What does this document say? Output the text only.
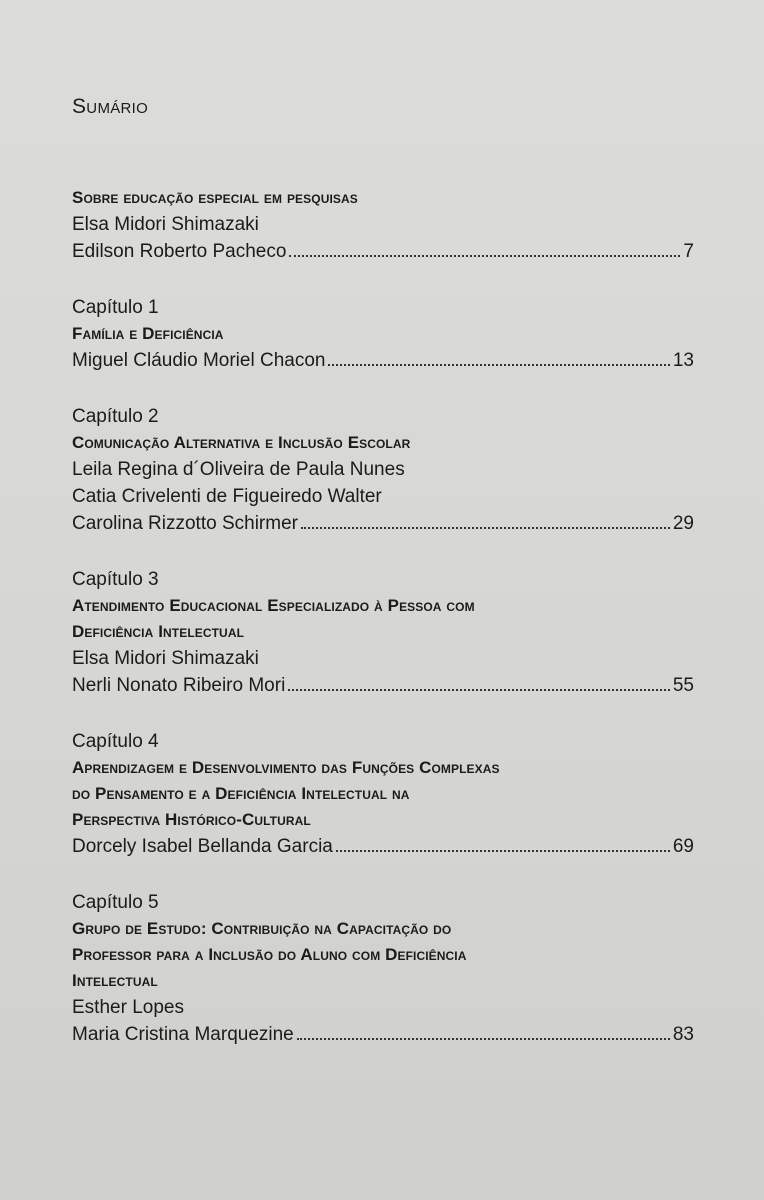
Sumário
Sobre educação especial em pesquisas
Elsa Midori Shimazaki
Edilson Roberto Pacheco	7
Capítulo 1
Família e Deficiência
Miguel Cláudio Moriel Chacon	13
Capítulo 2
Comunicação Alternativa e Inclusão Escolar
Leila Regina d´Oliveira de Paula Nunes
Catia Crivelenti de Figueiredo Walter
Carolina Rizzotto Schirmer	29
Capítulo 3
Atendimento Educacional Especializado à Pessoa com
Deficiência Intelectual
Elsa Midori Shimazaki
Nerli Nonato Ribeiro Mori	55
Capítulo 4
Aprendizagem e Desenvolvimento das Funções Complexas
do Pensamento e a Deficiência Intelectual na
Perspectiva Histórico-Cultural
Dorcely Isabel Bellanda Garcia	69
Capítulo 5
Grupo de Estudo: Contribuição na Capacitação do
Professor para a Inclusão do Aluno com Deficiência
Intelectual
Esther Lopes
Maria Cristina Marquezine	83
